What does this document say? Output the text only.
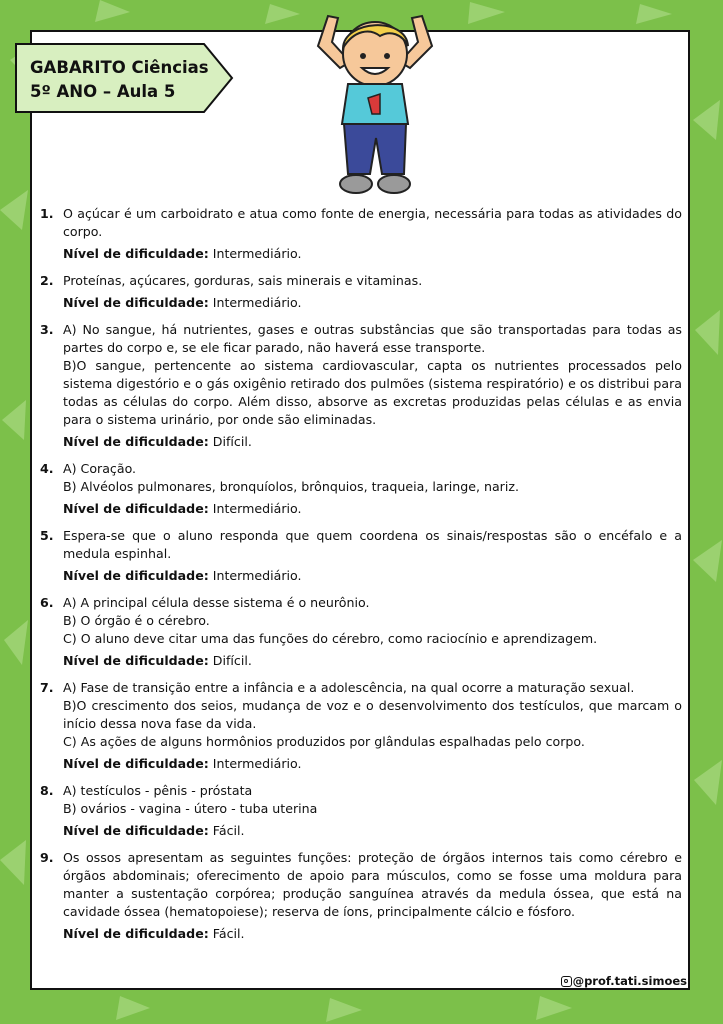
1. O açúcar é um carboidrato e atua como fonte de energia, necessária para todas as atividades do corpo.
Nível de dificuldade: Intermediário.
2. Proteínas, açúcares, gorduras, sais minerais e vitaminas.
Nível de dificuldade: Intermediário.
3. A) No sangue, há nutrientes, gases e outras substâncias que são transportadas para todas as partes do corpo e, se ele ficar parado, não haverá esse transporte.
B)O sangue, pertencente ao sistema cardiovascular, capta os nutrientes processados pelo sistema digestório e o gás oxigênio retirado dos pulmões (sistema respiratório) e os distribui para todas as células do corpo. Além disso, absorve as excretas produzidas pelas células e as envia para o sistema urinário, por onde são eliminadas.
Nível de dificuldade: Difícil.
4. A) Coração.
B) Alvéolos pulmonares, bronquíolos, brônquios, traqueia, laringe, nariz.
Nível de dificuldade: Intermediário.
5. Espera-se que o aluno responda que quem coordena os sinais/respostas são o encéfalo e a medula espinhal.
Nível de dificuldade: Intermediário.
6. A) A principal célula desse sistema é o neurônio.
B) O órgão é o cérebro.
C) O aluno deve citar uma das funções do cérebro, como raciocínio e aprendizagem.
Nível de dificuldade: Difícil.
7. A) Fase de transição entre a infância e a adolescência, na qual ocorre a maturação sexual.
B)O crescimento dos seios, mudança de voz e o desenvolvimento dos testículos, que marcam o início dessa nova fase da vida.
C) As ações de alguns hormônios produzidos por glândulas espalhadas pelo corpo.
Nível de dificuldade: Intermediário.
8. A) testículos - pênis - próstata
B) ovários - vagina - útero - tuba uterina
Nível de dificuldade: Fácil.
9. Os ossos apresentam as seguintes funções: proteção de órgãos internos tais como cérebro e órgãos abdominais; oferecimento de apoio para músculos, como se fosse uma moldura para manter a sustentação corpórea; produção sanguínea através da medula óssea, que está na cavidade óssea (hematopoiese); reserva de íons, principalmente cálcio e fósforo.
Nível de dificuldade: Fácil.
GABARITO Ciências
5º ANO – Aula 5
@prof.tati.simoes
